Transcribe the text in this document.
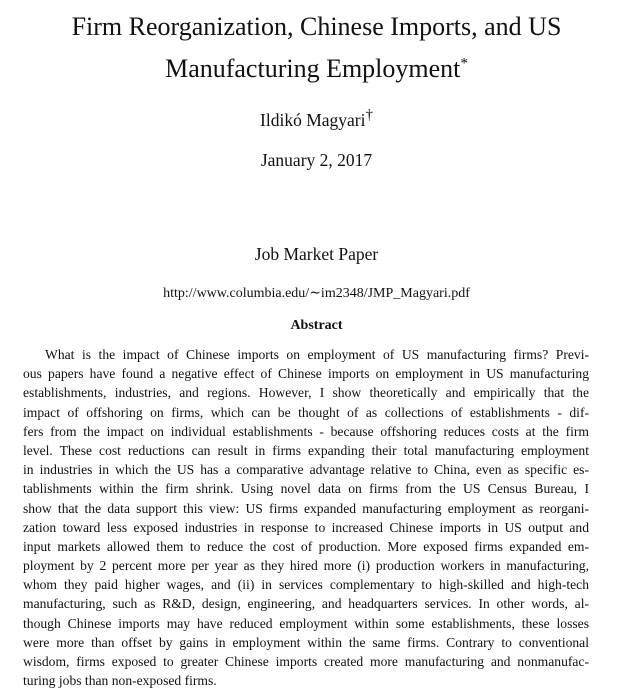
Firm Reorganization, Chinese Imports, and US
Manufacturing Employment*
Ildikó Magyari†
January 2, 2017
Job Market Paper
http://www.columbia.edu/∼im2348/JMP_Magyari.pdf
Abstract
What is the impact of Chinese imports on employment of US manufacturing firms? Previ-
ous papers have found a negative effect of Chinese imports on employment in US manufacturing
establishments, industries, and regions. However, I show theoretically and empirically that the
impact of offshoring on firms, which can be thought of as collections of establishments - dif-
fers from the impact on individual establishments - because offshoring reduces costs at the firm
level. These cost reductions can result in firms expanding their total manufacturing employment
in industries in which the US has a comparative advantage relative to China, even as specific es-
tablishments within the firm shrink. Using novel data on firms from the US Census Bureau, I
show that the data support this view: US firms expanded manufacturing employment as reorgani-
zation toward less exposed industries in response to increased Chinese imports in US output and
input markets allowed them to reduce the cost of production. More exposed firms expanded em-
ployment by 2 percent more per year as they hired more (i) production workers in manufacturing,
whom they paid higher wages, and (ii) in services complementary to high-skilled and high-tech
manufacturing, such as R&D, design, engineering, and headquarters services. In other words, al-
though Chinese imports may have reduced employment within some establishments, these losses
were more than offset by gains in employment within the same firms. Contrary to conventional
wisdom, firms exposed to greater Chinese imports created more manufacturing and nonmanufac-
turing jobs than non-exposed firms.
